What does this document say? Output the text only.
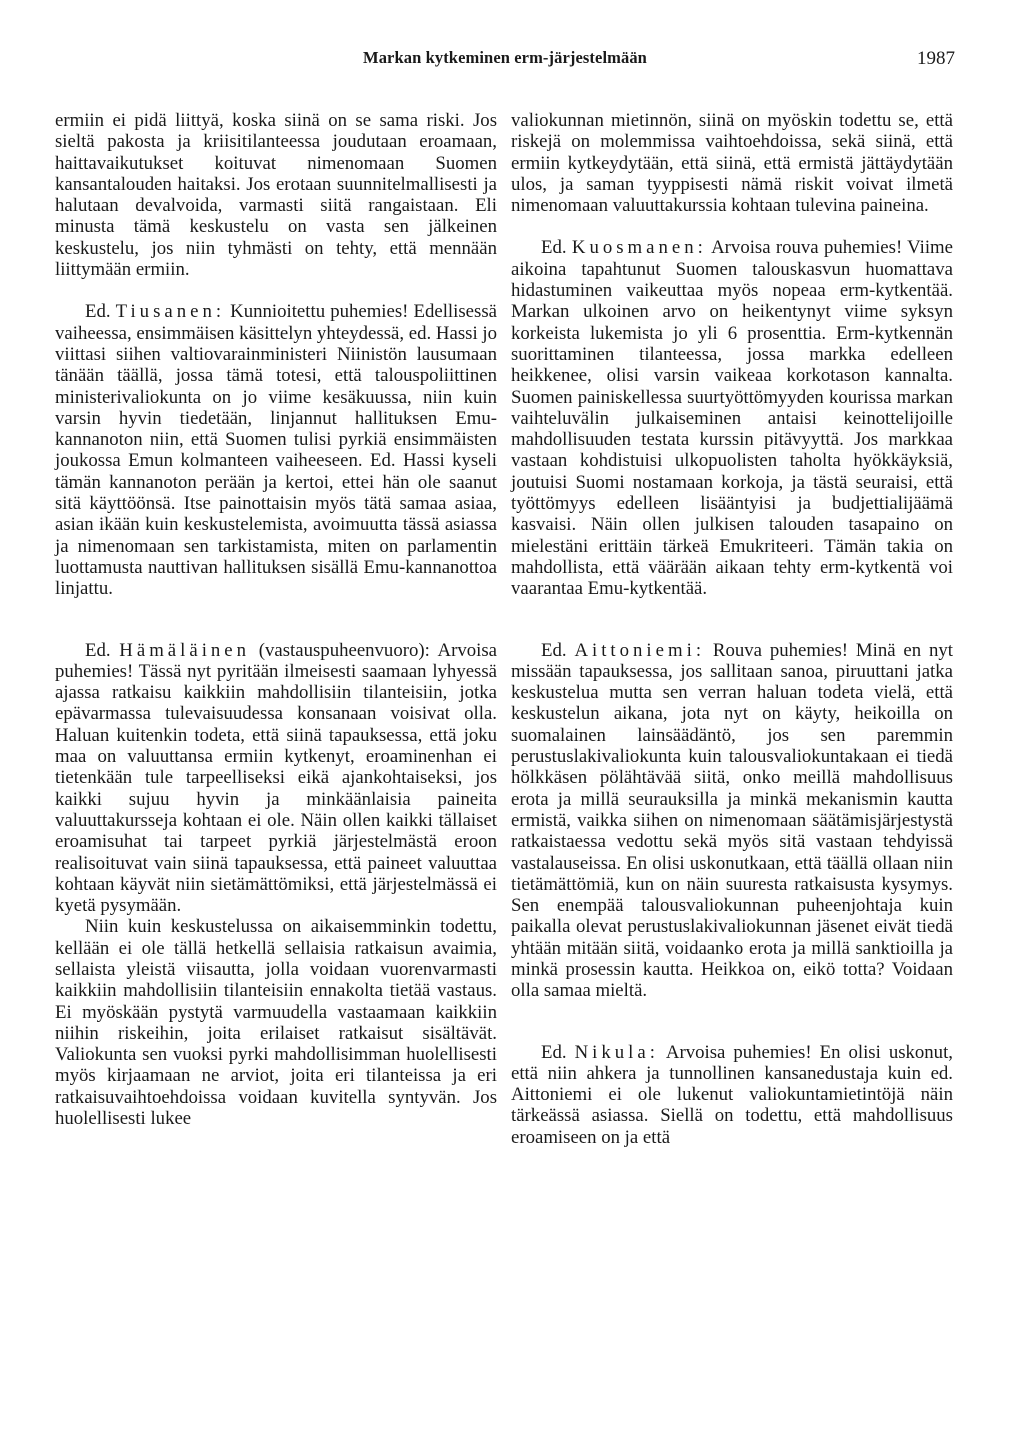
Markan kytkeminen erm-järjestelmään	1987

ermiin ei pidä liittyä, koska siinä on se sama riski. Jos sieltä pakosta ja kriisitilanteessa joudutaan eroamaan, haittavaikutukset koituvat nimenomaan Suomen kansantalouden haitaksi. Jos erotaan suunnitelmallisesti ja halutaan devalvoida, varmasti siitä rangaistaan. Eli minusta tämä keskustelu on vasta sen jälkeinen keskustelu, jos niin tyhmästi on tehty, että mennään liittymään ermiin.

Ed. Tiusanen: Kunnioitettu puhemies! Edellisessä vaiheessa, ensimmäisen käsittelyn yhteydessä, ed. Hassi jo viittasi siihen valtiovarainministeri Niinistön lausumaan tänään täällä, jossa tämä totesi, että talouspoliittinen ministerivaliokunta on jo viime kesäkuussa, niin kuin varsin hyvin tiedetään, linjannut hallituksen Emu-kannanoton niin, että Suomen tulisi pyrkiä ensimmäisten joukossa Emun kolmanteen vaiheeseen. Ed. Hassi kyseli tämän kannanoton perään ja kertoi, ettei hän ole saanut sitä käyttöönsä. Itse painottaisin myös tätä samaa asiaa, asian ikään kuin keskustelemista, avoimuutta tässä asiassa ja nimenomaan sen tarkistamista, miten on parlamentin luottamusta nauttivan hallituksen sisällä Emu-kannanottoa linjattu.

Ed. Hämäläinen (vastauspuheenvuoro): Arvoisa puhemies! Tässä nyt pyritään ilmeisesti saamaan lyhyessä ajassa ratkaisu kaikkiin mahdollisiin tilanteisiin, jotka epävarmassa tulevaisuudessa konsanaan voisivat olla. Haluan kuitenkin todeta, että siinä tapauksessa, että joku maa on valuuttansa ermiin kytkenyt, eroaminenhan ei tietenkään tule tarpeelliseksi eikä ajankohtaiseksi, jos kaikki sujuu hyvin ja minkäänlaisia paineita valuuttakursseja kohtaan ei ole. Näin ollen kaikki tällaiset eroamisuhat tai tarpeet pyrkiä järjestelmästä eroon realisoituvat vain siinä tapauksessa, että paineet valuuttaa kohtaan käyvät niin sietämättömiksi, että järjestelmässä ei kyetä pysymään.

Niin kuin keskustelussa on aikaisemminkin todettu, kellään ei ole tällä hetkellä sellaisia ratkaisun avaimia, sellaista yleistä viisautta, jolla voidaan vuorenvarmasti kaikkiin mahdollisiin tilanteisiin ennakolta tietää vastaus. Ei myöskään pystytä varmuudella vastaamaan kaikkiin niihin riskeihin, joita erilaiset ratkaisut sisältävät. Valiokunta sen vuoksi pyrki mahdollisimman huolellisesti myös kirjaamaan ne arviot, joita eri tilanteissa ja eri ratkaisuvaihtoehdoissa voidaan kuvitella syntyvän. Jos huolellisesti lukee

valiokunnan mietinnön, siinä on myöskin todettu se, että riskejä on molemmissa vaihtoehdoissa, sekä siinä, että ermiin kytkeydytään, että siinä, että ermistä jättäydytään ulos, ja saman tyyppisesti nämä riskit voivat ilmetä nimenomaan valuuttakurssia kohtaan tulevina paineina.

Ed. Kuosmanen: Arvoisa rouva puhemies! Viime aikoina tapahtunut Suomen talouskasvun huomattava hidastuminen vaikeuttaa myös nopeaa erm-kytkentää. Markan ulkoinen arvo on heikentynyt viime syksyn korkeista lukemista jo yli 6 prosenttia. Erm-kytkennän suorittaminen tilanteessa, jossa markka edelleen heikkenee, olisi varsin vaikeaa korkotason kannalta. Suomen painiskellessa suurtyöttömyyden kourissa markan vaihteluvälin julkaiseminen antaisi keinottelijoille mahdollisuuden testata kurssin pitävyyttä. Jos markkaa vastaan kohdistuisi ulkopuolisten taholta hyökkäyksiä, joutuisi Suomi nostamaan korkoja, ja tästä seuraisi, että työttömyys edelleen lisääntyisi ja budjettialijäämä kasvaisi. Näin ollen julkisen talouden tasapaino on mielestäni erittäin tärkeä Emukriteeri. Tämän takia on mahdollista, että väärään aikaan tehty erm-kytkentä voi vaarantaa Emu-kytkentää.

Ed. Aittoniemi: Rouva puhemies! Minä en nyt missään tapauksessa, jos sallitaan sanoa, piruuttani jatka keskustelua mutta sen verran haluan todeta vielä, että keskustelun aikana, jota nyt on käyty, heikoilla on suomalainen lainsäädäntö, jos sen paremmin perustuslakivaliokunta kuin talousvaliokuntakaan ei tiedä hölkkäsen pölähtävää siitä, onko meillä mahdollisuus erota ja millä seurauksilla ja minkä mekanismin kautta ermistä, vaikka siihen on nimenomaan säätämisjärjestystä ratkaistaessa vedottu sekä myös sitä vastaan tehdyissä vastalauseissa. En olisi uskonutkaan, että täällä ollaan niin tietämättömiä, kun on näin suuresta ratkaisusta kysymys. Sen enempää talousvaliokunnan puheenjohtaja kuin paikalla olevat perustuslakivaliokunnan jäsenet eivät tiedä yhtään mitään siitä, voidaanko erota ja millä sanktioilla ja minkä prosessin kautta. Heikkoa on, eikö totta? Voidaan olla samaa mieltä.

Ed. Nikula: Arvoisa puhemies! En olisi uskonut, että niin ahkera ja tunnollinen kansanedustaja kuin ed. Aittoniemi ei ole lukenut valiokuntamietintöjä näin tärkeässä asiassa. Siellä on todettu, että mahdollisuus eroamiseen on ja että
